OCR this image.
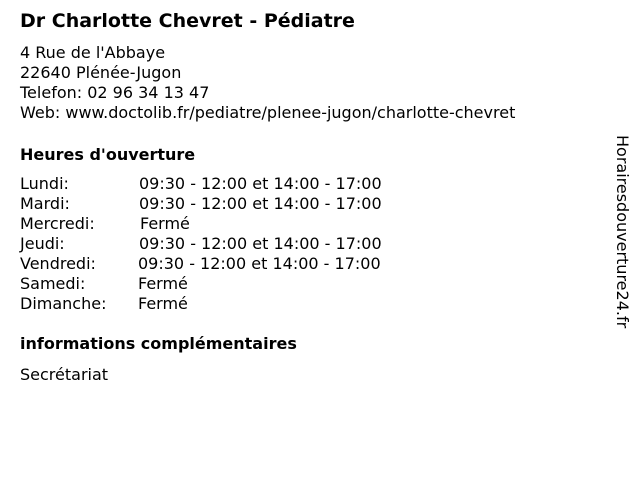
Dr Charlotte Chevret - Pédiatre
4 Rue de l'Abbaye
22640 Plénée-Jugon
Telefon: 02 96 34 13 47
Web: www.doctolib.fr/pediatre/plenee-jugon/charlotte-chevret
Heures d'ouverture
Lundi:	09:30 - 12:00 et 14:00 - 17:00
Mardi:	09:30 - 12:00 et 14:00 - 17:00
Mercredi:	Fermé
Jeudi:	09:30 - 12:00 et 14:00 - 17:00
Vendredi:	09:30 - 12:00 et 14:00 - 17:00
Samedi:	Fermé
Dimanche: Fermé
informations complémentaires
Secrétariat
Horairesdouverture24.fr
